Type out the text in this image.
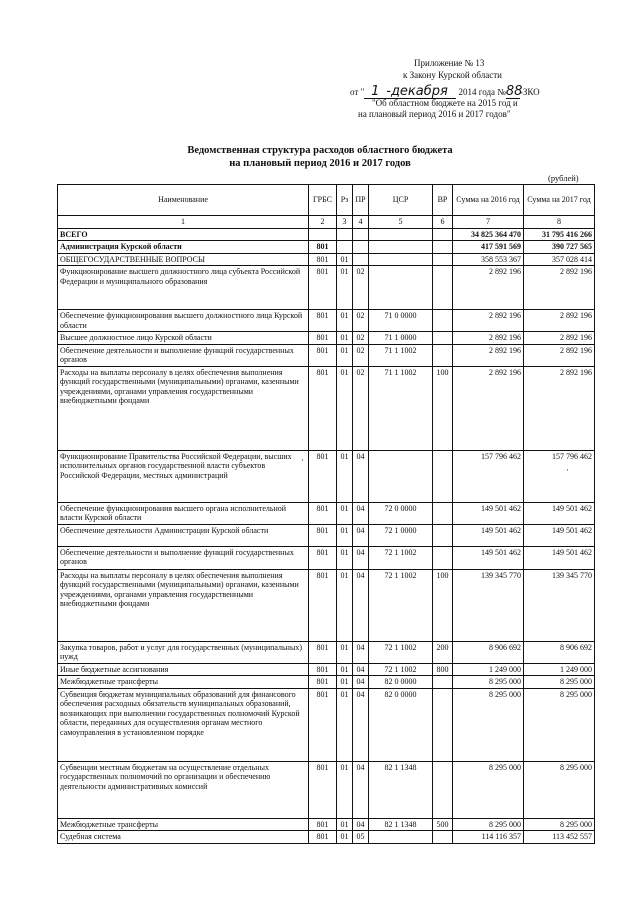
Приложение № 13
к Закону Курской области
от " 1 -декабря 2014 года №88-ЗКО
"Об областном бюджете на 2015 год и
на плановый период 2016 и 2017 годов"
Ведомственная структура расходов областного бюджета
на плановый период 2016 и 2017 годов
(рублей)
Наименование	ГРБС	Рз	ПР	ЦСР	ВР	Сумма на 2016 год	Сумма на 2017 год
1	2	3	4	5	6	7	8
ВСЕГО						34 825 364 470	31 795 416 266
Администрация Курской области	801					417 591 569	390 727 565
ОБЩЕГОСУДАРСТВЕННЫЕ ВОПРОСЫ	801	01				358 553 367	357 028 414
Функционирование высшего должностного лица субъекта Российской Федерации и муниципального образования	801	01	02			2 892 196	2 892 196
Обеспечение функционирования высшего должностного лица Курской области	801	01	02	71 0 0000		2 892 196	2 892 196
Высшее должностное лицо Курской области	801	01	02	71 1 0000		2 892 196	2 892 196
Обеспечение деятельности и выполнение функций государственных органов	801	01	02	71 1 1002		2 892 196	2 892 196
Расходы на выплаты персоналу в целях обеспечения выполнения функций государственными (муниципальными) органами, казенными учреждениями, органами управления государственными внебюджетными фондами	801	01	02	71 1 1002	100	2 892 196	2 892 196
Функционирование Правительства Российской Федерации, высших исполнительных органов государственной власти субъектов Российской Федерации, местных администраций	801	01	04			157 796 462	157 796 462
Обеспечение функционирования высшего органа исполнительной власти Курской области	801	01	04	72 0 0000		149 501 462	149 501 462
Обеспечение деятельности Администрации Курской области	801	01	04	72 1 0000		149 501 462	149 501 462
Обеспечение деятельности и выполнение функций государственных органов	801	01	04	72 1 1002		149 501 462	149 501 462
Расходы на выплаты персоналу в целях обеспечения выполнения функций государственными (муниципальными) органами, казенными учреждениями, органами управления государственными внебюджетными фондами	801	01	04	72 1 1002	100	139 345 770	139 345 770
Закупка товаров, работ и услуг для государственных (муниципальных) нужд	801	01	04	72 1 1002	200	8 906 692	8 906 692
Иные бюджетные ассигнования	801	01	04	72 1 1002	800	1 249 000	1 249 000
Межбюджетные трансферты	801	01	04	82 0 0000		8 295 000	8 295 000
Субвенция бюджетам муниципальных образований для финансового обеспечения расходных обязательств муниципальных образований, возникающих при выполнении государственных полномочий Курской области, переданных для осуществления органам местного самоуправления в установленном порядке	801	01	04	82 0 0000		8 295 000	8 295 000
Субвенции местным бюджетам на осуществление отдельных государственных полномочий по организации и обеспечению деятельности административных комиссий	801	01	04	82 1 1348		8 295 000	8 295 000
Межбюджетные трансферты	801	01	04	82 1 1348	500	8 295 000	8 295 000
Судебная система	801	01	05			114 116 357	113 452 557
·
·
